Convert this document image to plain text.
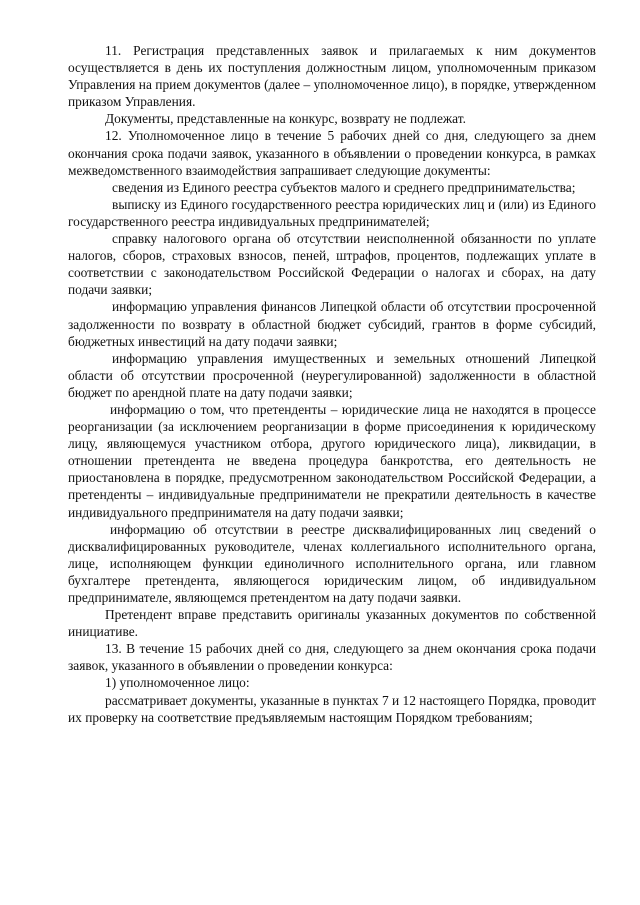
11. Регистрация представленных заявок и прилагаемых к ним документов осуществляется в день их поступления должностным лицом, уполномоченным приказом Управления на прием документов (далее – уполномоченное лицо), в порядке, утвержденном приказом Управления.

Документы, представленные на конкурс, возврату не подлежат.

12. Уполномоченное лицо в течение 5 рабочих дней со дня, следующего за днем окончания срока подачи заявок, указанного в объявлении о проведении конкурса, в рамках межведомственного взаимодействия запрашивает следующие документы:

сведения из Единого реестра субъектов малого и среднего предпринимательства;

выписку из Единого государственного реестра юридических лиц и (или) из Единого государственного реестра индивидуальных предпринимателей;

справку налогового органа об отсутствии неисполненной обязанности по уплате налогов, сборов, страховых взносов, пеней, штрафов, процентов, подлежащих уплате в соответствии с законодательством Российской Федерации о налогах и сборах, на дату подачи заявки;

информацию управления финансов Липецкой области об отсутствии просроченной задолженности по возврату в областной бюджет субсидий, грантов в форме субсидий, бюджетных инвестиций на дату подачи заявки;

информацию управления имущественных и земельных отношений Липецкой области об отсутствии просроченной (неурегулированной) задолженности в областной бюджет по арендной плате на дату подачи заявки;

информацию о том, что претенденты – юридические лица не находятся в процессе реорганизации (за исключением реорганизации в форме присоединения к юридическому лицу, являющемуся участником отбора, другого юридического лица), ликвидации, в отношении претендента не введена процедура банкротства, его деятельность не приостановлена в порядке, предусмотренном законодательством Российской Федерации, а претенденты – индивидуальные предприниматели не прекратили деятельность в качестве индивидуального предпринимателя на дату подачи заявки;

информацию об отсутствии в реестре дисквалифицированных лиц сведений о дисквалифицированных руководителе, членах коллегиального исполнительного органа, лице, исполняющем функции единоличного исполнительного органа, или главном бухгалтере претендента, являющегося юридическим лицом, об индивидуальном предпринимателе, являющемся претендентом на дату подачи заявки.

Претендент вправе представить оригиналы указанных документов по собственной инициативе.

13. В течение 15 рабочих дней со дня, следующего за днем окончания срока подачи заявок, указанного в объявлении о проведении конкурса:

1) уполномоченное лицо:

рассматривает документы, указанные в пунктах 7 и 12 настоящего Порядка, проводит их проверку на соответствие предъявляемым настоящим Порядком требованиям;
